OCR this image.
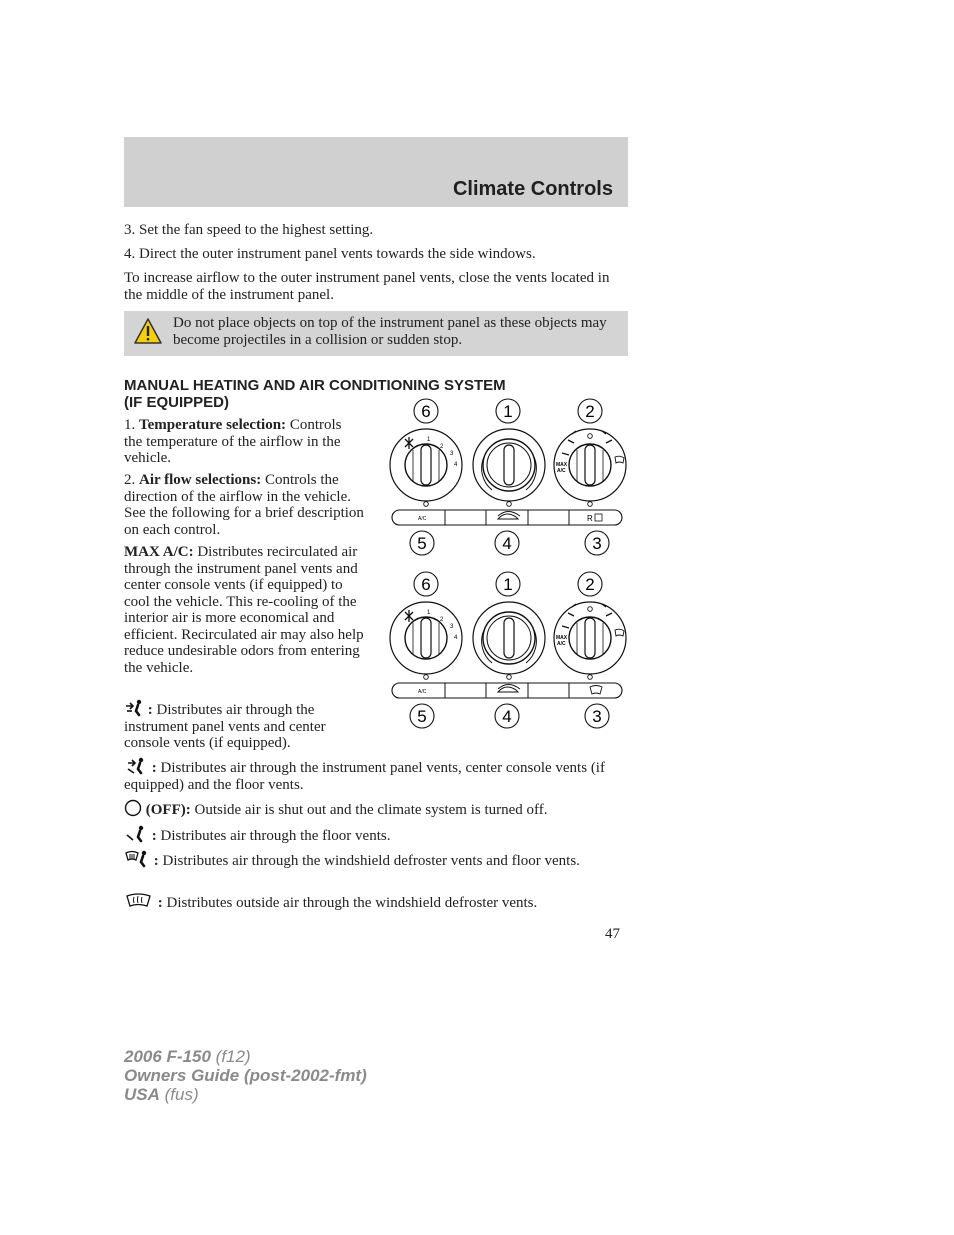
Climate Controls

3. Set the fan speed to the highest setting.

4. Direct the outer instrument panel vents towards the side windows.

To increase airflow to the outer instrument panel vents, close the vents located in the middle of the instrument panel.

Do not place objects on top of the instrument panel as these objects may become projectiles in a collision or sudden stop.
MANUAL HEATING AND AIR CONDITIONING SYSTEM
(IF EQUIPPED)

1. Temperature selection: Controls the temperature of the airflow in the vehicle.

2. Air flow selections: Controls the direction of the airflow in the vehicle. See the following for a brief description on each control.

MAX A/C: Distributes recirculated air through the instrument panel vents and center console vents (if equipped) to cool the vehicle. This re-cooling of the interior air is more economical and efficient. Recirculated air may also help reduce undesirable odors from entering the vehicle.

: Distributes air through the instrument panel vents and center console vents (if equipped).

: Distributes air through the instrument panel vents, center console vents (if equipped) and the floor vents.

(OFF): Outside air is shut out and the climate system is turned off.

: Distributes air through the floor vents.

: Distributes air through the windshield defroster vents and floor vents.

: Distributes outside air through the windshield defroster vents.

6	1	2
5	4	3
1
2
3
4	MAX
A/C
A/C	R
6	1	2
5	4	3
1
2
3
4	MAX
A/C
A/C
47
2006 F-150 (f12)
Owners Guide (post-2002-fmt)
USA (fus)
